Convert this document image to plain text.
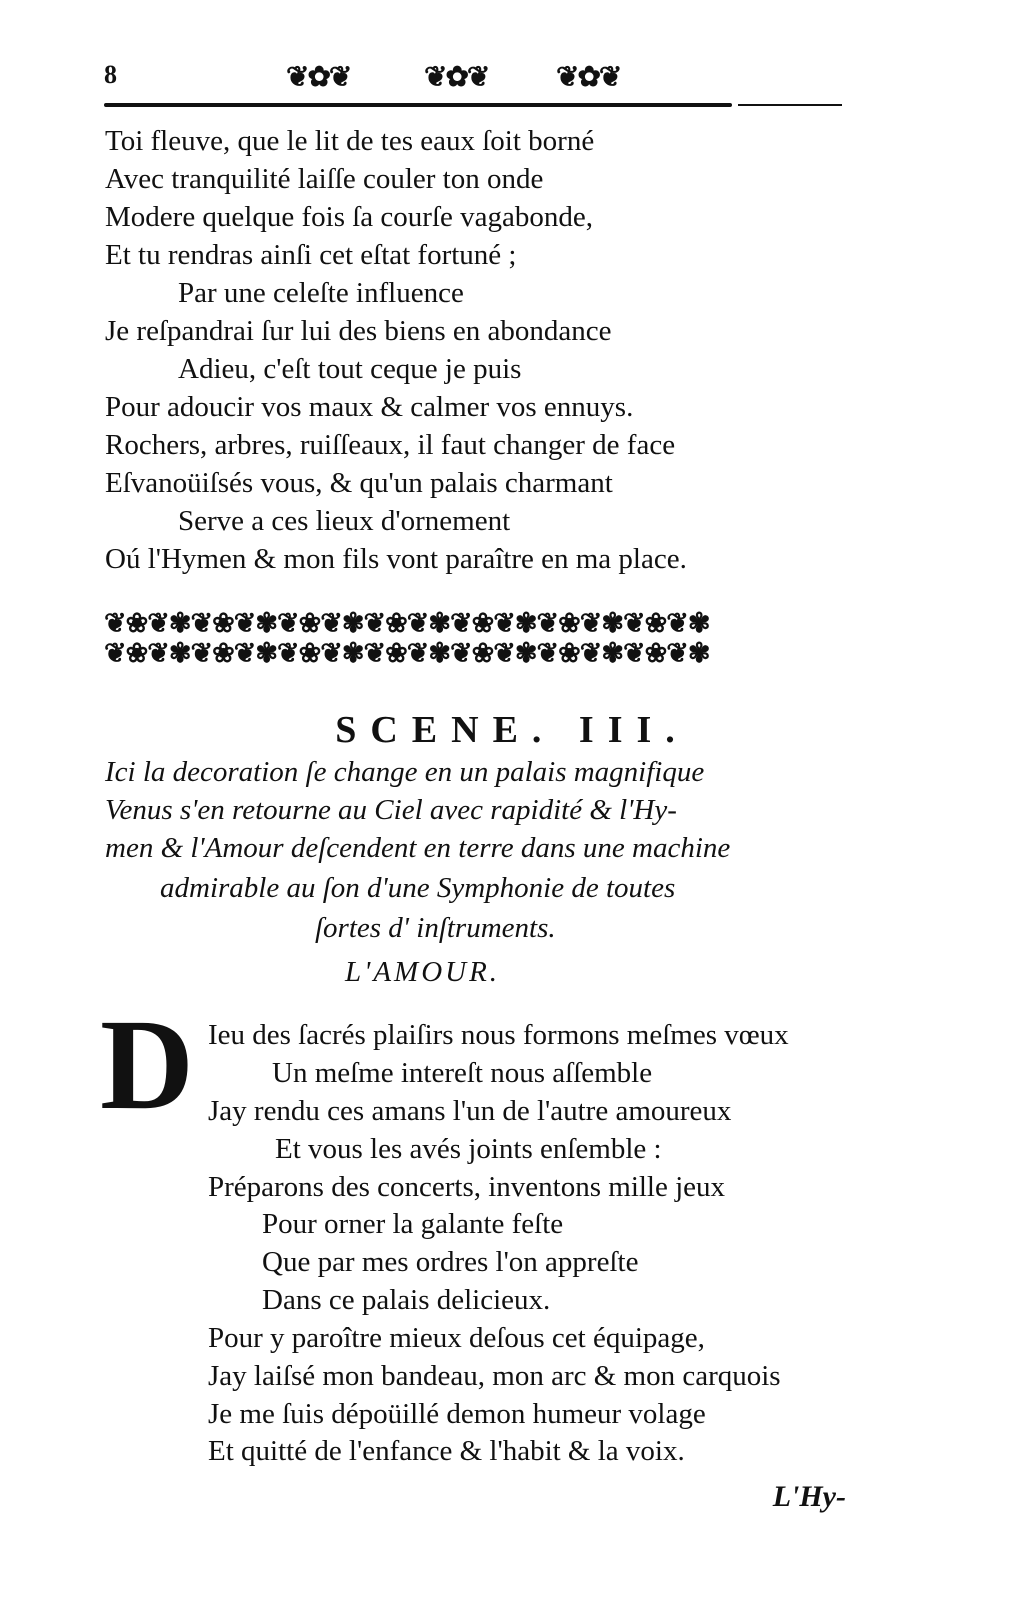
8	❦✿❦	❦✿❦ ❦✿❦
Toi fleuve, que le lit de tes eaux ſoit borné
Avec tranquilité laiſſe couler ton onde
Modere quelque fois ſa courſe vagabonde,
Et tu rendras ainſi cet eſtat fortuné ;
Par une celeſte influence
Je reſpandrai ſur lui des biens en abondance
Adieu, c'eſt tout ceque je puis
Pour adoucir vos maux & calmer vos ennuys.
Rochers, arbres, ruiſſeaux, il faut changer de face
Eſvanoüiſsés vous, & qu'un palais charmant
Serve a ces lieux d'ornement
Oú l'Hymen & mon fils vont paraître en ma place.
❦❀❦✾❦❀❦✾❦❀❦✾❦❀❦✾❦❀❦✾❦❀❦✾❦❀❦✾
❦❀❦✾❦❀❦✾❦❀❦✾❦❀❦✾❦❀❦✾❦❀❦✾❦❀❦✾
SCENE. III.
Ici la decoration ſe change en un palais magnifique
Venus s'en retourne au Ciel avec rapidité & l'Hy-
men & l'Amour deſcendent en terre dans une machine
admirable au ſon d'une Symphonie de toutes
ſortes d' inſtruments.
L'AMOUR.
D Ieu des ſacrés plaiſirs nous formons meſmes vœux
Un meſme intereſt nous aſſemble
Jay rendu ces amans l'un de l'autre amoureux
Et vous les avés joints enſemble :
Préparons des concerts, inventons mille jeux
Pour orner la galante feſte
Que par mes ordres l'on appreſte
Dans ce palais delicieux.
Pour y paroître mieux deſous cet équipage,
Jay laiſsé mon bandeau, mon arc & mon carquois
Je me ſuis dépoüillé demon humeur volage
Et quitté de l'enfance & l'habit & la voix.
L'Hy-
